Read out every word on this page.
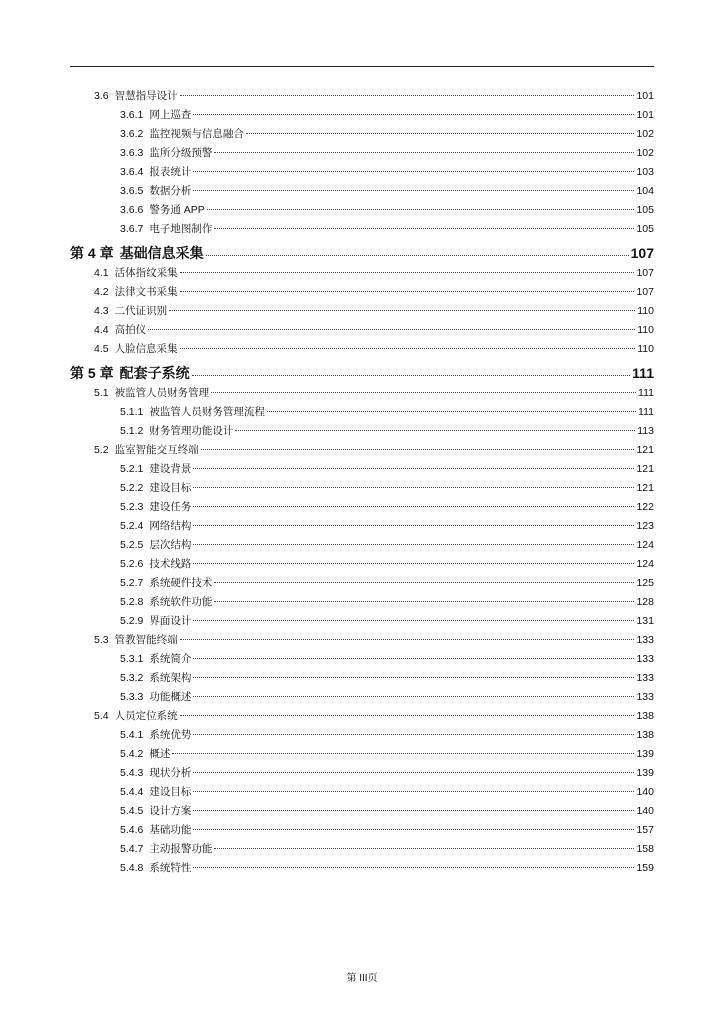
3.6 智慧指导设计	101
3.6.1 网上巡查	101
3.6.2 监控视频与信息融合	102
3.6.3 监所分级预警	102
3.6.4 报表统计	103
3.6.5 数据分析	104
3.6.6 警务通 APP	105
3.6.7 电子地图制作	105
第 4 章 基础信息采集	107
4.1 活体指纹采集	107
4.2 法律文书采集	107
4.3 二代证识别	110
4.4 高拍仪	110
4.5 人脸信息采集	110
第 5 章 配套子系统	111
5.1 被监管人员财务管理	111
5.1.1 被监管人员财务管理流程	111
5.1.2 财务管理功能设计	113
5.2 监室智能交互终端	121
5.2.1 建设背景	121
5.2.2 建设目标	121
5.2.3 建设任务	122
5.2.4 网络结构	123
5.2.5 层次结构	124
5.2.6 技术线路	124
5.2.7 系统硬件技术	125
5.2.8 系统软件功能	128
5.2.9 界面设计	131
5.3 管教智能终端	133
5.3.1 系统简介	133
5.3.2 系统架构	133
5.3.3 功能概述	133
5.4 人员定位系统	138
5.4.1 系统优势	138
5.4.2 概述	139
5.4.3 现状分析	139
5.4.4 建设目标	140
5.4.5 设计方案	140
5.4.6 基础功能	157
5.4.7 主动报警功能	158
5.4.8 系统特性	159
第 III页
